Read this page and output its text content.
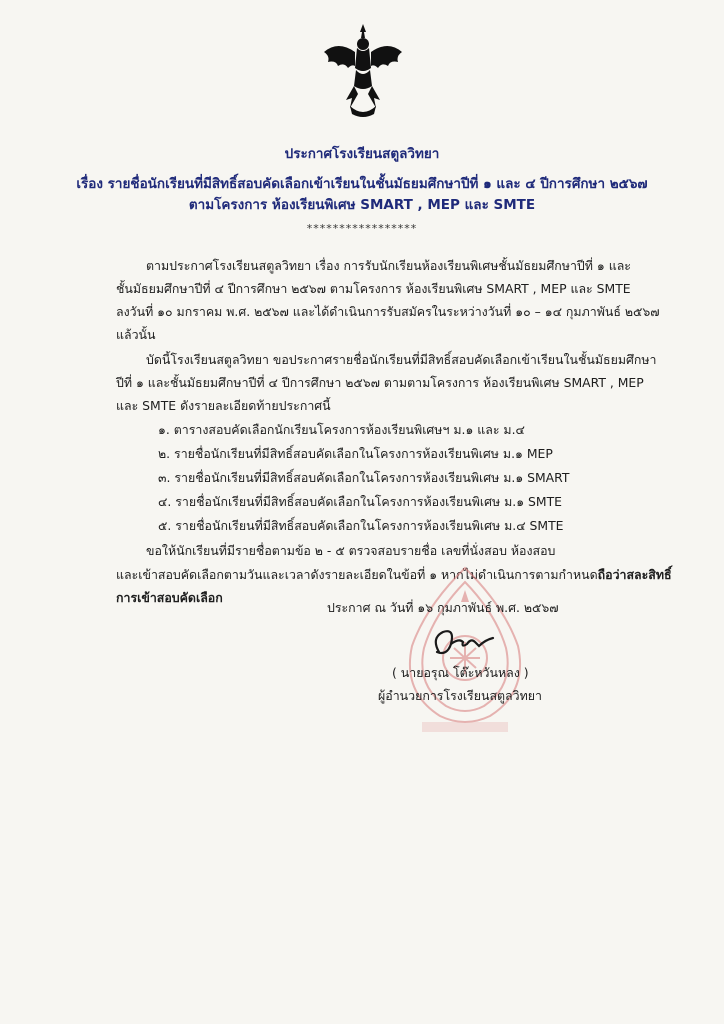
ประกาศโรงเรียนสตูลวิทยา
เรื่อง รายชื่อนักเรียนที่มีสิทธิ์สอบคัดเลือกเข้าเรียนในชั้นมัธยมศึกษาปีที่ ๑ และ ๔ ปีการศึกษา ๒๕๖๗
ตามโครงการ ห้องเรียนพิเศษ SMART , MEP และ SMTE
*****************
ตามประกาศโรงเรียนสตูลวิทยา เรื่อง การรับนักเรียนห้องเรียนพิเศษชั้นมัธยมศึกษาปีที่ ๑ และ
ชั้นมัธยมศึกษาปีที่ ๔ ปีการศึกษา ๒๕๖๗ ตามโครงการ ห้องเรียนพิเศษ SMART , MEP และ SMTE
ลงวันที่ ๑๐ มกราคม พ.ศ. ๒๕๖๗ และได้ดำเนินการรับสมัครในระหว่างวันที่ ๑๐ – ๑๔ กุมภาพันธ์ ๒๕๖๗
แล้วนั้น
บัดนี้โรงเรียนสตูลวิทยา ขอประกาศรายชื่อนักเรียนที่มีสิทธิ์สอบคัดเลือกเข้าเรียนในชั้นมัธยมศึกษา
ปีที่ ๑ และชั้นมัธยมศึกษาปีที่ ๔ ปีการศึกษา ๒๕๖๗ ตามตามโครงการ ห้องเรียนพิเศษ SMART , MEP
และ SMTE ดังรายละเอียดท้ายประกาศนี้
๑. ตารางสอบคัดเลือกนักเรียนโครงการห้องเรียนพิเศษฯ ม.๑ และ ม.๔
๒. รายชื่อนักเรียนที่มีสิทธิ์สอบคัดเลือกในโครงการห้องเรียนพิเศษ ม.๑ MEP
๓. รายชื่อนักเรียนที่มีสิทธิ์สอบคัดเลือกในโครงการห้องเรียนพิเศษ ม.๑ SMART
๔. รายชื่อนักเรียนที่มีสิทธิ์สอบคัดเลือกในโครงการห้องเรียนพิเศษ ม.๑ SMTE
๕. รายชื่อนักเรียนที่มีสิทธิ์สอบคัดเลือกในโครงการห้องเรียนพิเศษ ม.๔ SMTE
ขอให้นักเรียนที่มีรายชื่อตามข้อ ๒ - ๕ ตรวจสอบรายชื่อ เลขที่นั่งสอบ ห้องสอบ
และเข้าสอบคัดเลือกตามวันและเวลาดังรายละเอียดในข้อที่ ๑ หากไม่ดำเนินการตามกำหนดถือว่าสละสิทธิ์
การเข้าสอบคัดเลือก
ประกาศ ณ วันที่ ๑๖ กุมภาพันธ์ พ.ศ. ๒๕๖๗
( นายอรุณ โต๊ะหวันหลง )
ผู้อำนวยการโรงเรียนสตูลวิทยา
